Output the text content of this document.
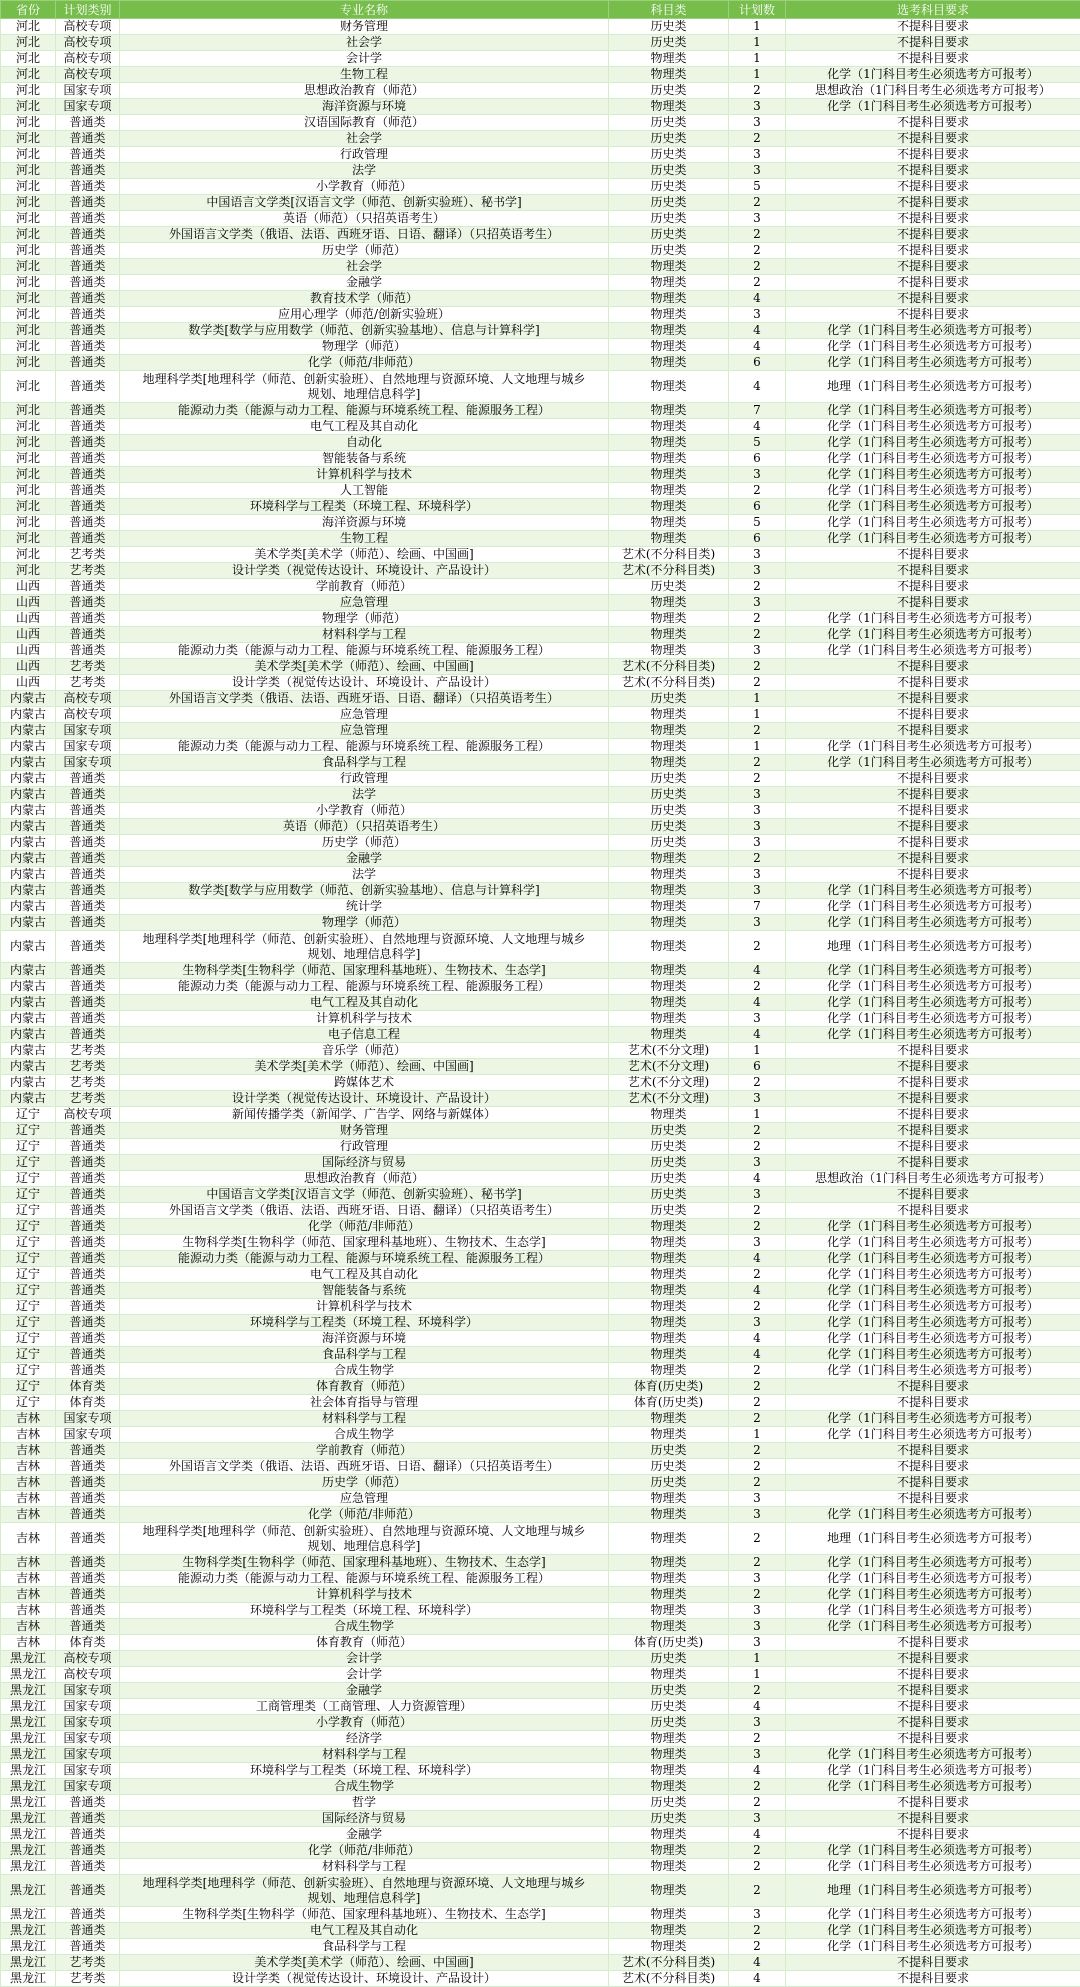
省份	计划类别	专业名称	科目类	计划数	选考科目要求
河北	高校专项	财务管理	历史类	1	不提科目要求
河北	高校专项	社会学	历史类	1	不提科目要求
河北	高校专项	会计学	物理类	1	不提科目要求
河北	高校专项	生物工程	物理类	1	化学（1门科目考生必须选考方可报考）
河北	国家专项	思想政治教育（师范）	历史类	2	思想政治（1门科目考生必须选考方可报考）
河北	国家专项	海洋资源与环境	物理类	3	化学（1门科目考生必须选考方可报考）
河北	普通类	汉语国际教育（师范）	历史类	3	不提科目要求
河北	普通类	社会学	历史类	2	不提科目要求
河北	普通类	行政管理	历史类	3	不提科目要求
河北	普通类	法学	历史类	3	不提科目要求
河北	普通类	小学教育（师范）	历史类	5	不提科目要求
河北	普通类	中国语言文学类[汉语言文学（师范、创新实验班）、秘书学]	历史类	2	不提科目要求
河北	普通类	英语（师范）（只招英语考生）	历史类	3	不提科目要求
河北	普通类	外国语言文学类（俄语、法语、西班牙语、日语、翻译）（只招英语考生）	历史类	2	不提科目要求
河北	普通类	历史学（师范）	历史类	2	不提科目要求
河北	普通类	社会学	物理类	2	不提科目要求
河北	普通类	金融学	物理类	2	不提科目要求
河北	普通类	教育技术学（师范）	物理类	4	不提科目要求
河北	普通类	应用心理学（师范/创新实验班）	物理类	3	不提科目要求
河北	普通类	数学类[数学与应用数学（师范、创新实验基地）、信息与计算科学]	物理类	4	化学（1门科目考生必须选考方可报考）
河北	普通类	物理学（师范）	物理类	4	化学（1门科目考生必须选考方可报考）
河北	普通类	化学（师范/非师范）	物理类	6	化学（1门科目考生必须选考方可报考）
河北	普通类	地理科学类[地理科学（师范、创新实验班）、自然地理与资源环境、人文地理与城乡规划、地理信息科学]	物理类	4	地理（1门科目考生必须选考方可报考）
河北	普通类	能源动力类（能源与动力工程、能源与环境系统工程、能源服务工程）	物理类	7	化学（1门科目考生必须选考方可报考）
河北	普通类	电气工程及其自动化	物理类	4	化学（1门科目考生必须选考方可报考）
河北	普通类	自动化	物理类	5	化学（1门科目考生必须选考方可报考）
河北	普通类	智能装备与系统	物理类	6	化学（1门科目考生必须选考方可报考）
河北	普通类	计算机科学与技术	物理类	3	化学（1门科目考生必须选考方可报考）
河北	普通类	人工智能	物理类	2	化学（1门科目考生必须选考方可报考）
河北	普通类	环境科学与工程类（环境工程、环境科学）	物理类	6	化学（1门科目考生必须选考方可报考）
河北	普通类	海洋资源与环境	物理类	5	化学（1门科目考生必须选考方可报考）
河北	普通类	生物工程	物理类	6	化学（1门科目考生必须选考方可报考）
河北	艺考类	美术学类[美术学（师范）、绘画、中国画]	艺术(不分科目类)	3	不提科目要求
河北	艺考类	设计学类（视觉传达设计、环境设计、产品设计）	艺术(不分科目类)	3	不提科目要求
山西	普通类	学前教育（师范）	历史类	2	不提科目要求
山西	普通类	应急管理	物理类	3	不提科目要求
山西	普通类	物理学（师范）	物理类	2	化学（1门科目考生必须选考方可报考）
山西	普通类	材料科学与工程	物理类	2	化学（1门科目考生必须选考方可报考）
山西	普通类	能源动力类（能源与动力工程、能源与环境系统工程、能源服务工程）	物理类	3	化学（1门科目考生必须选考方可报考）
山西	艺考类	美术学类[美术学（师范）、绘画、中国画]	艺术(不分科目类)	2	不提科目要求
山西	艺考类	设计学类（视觉传达设计、环境设计、产品设计）	艺术(不分科目类)	2	不提科目要求
内蒙古	高校专项	外国语言文学类（俄语、法语、西班牙语、日语、翻译）（只招英语考生）	历史类	1	不提科目要求
内蒙古	高校专项	应急管理	物理类	1	不提科目要求
内蒙古	国家专项	应急管理	物理类	2	不提科目要求
内蒙古	国家专项	能源动力类（能源与动力工程、能源与环境系统工程、能源服务工程）	物理类	1	化学（1门科目考生必须选考方可报考）
内蒙古	国家专项	食品科学与工程	物理类	2	化学（1门科目考生必须选考方可报考）
内蒙古	普通类	行政管理	历史类	2	不提科目要求
内蒙古	普通类	法学	历史类	3	不提科目要求
内蒙古	普通类	小学教育（师范）	历史类	3	不提科目要求
内蒙古	普通类	英语（师范）（只招英语考生）	历史类	3	不提科目要求
内蒙古	普通类	历史学（师范）	历史类	3	不提科目要求
内蒙古	普通类	金融学	物理类	2	不提科目要求
内蒙古	普通类	法学	物理类	3	不提科目要求
内蒙古	普通类	数学类[数学与应用数学（师范、创新实验基地）、信息与计算科学]	物理类	3	化学（1门科目考生必须选考方可报考）
内蒙古	普通类	统计学	物理类	7	化学（1门科目考生必须选考方可报考）
内蒙古	普通类	物理学（师范）	物理类	3	化学（1门科目考生必须选考方可报考）
内蒙古	普通类	地理科学类[地理科学（师范、创新实验班）、自然地理与资源环境、人文地理与城乡规划、地理信息科学]	物理类	2	地理（1门科目考生必须选考方可报考）
内蒙古	普通类	生物科学类[生物科学（师范、国家理科基地班）、生物技术、生态学]	物理类	4	化学（1门科目考生必须选考方可报考）
内蒙古	普通类	能源动力类（能源与动力工程、能源与环境系统工程、能源服务工程）	物理类	2	化学（1门科目考生必须选考方可报考）
内蒙古	普通类	电气工程及其自动化	物理类	4	化学（1门科目考生必须选考方可报考）
内蒙古	普通类	计算机科学与技术	物理类	3	化学（1门科目考生必须选考方可报考）
内蒙古	普通类	电子信息工程	物理类	4	化学（1门科目考生必须选考方可报考）
内蒙古	艺考类	音乐学（师范）	艺术(不分文理)	1	不提科目要求
内蒙古	艺考类	美术学类[美术学（师范）、绘画、中国画]	艺术(不分文理)	6	不提科目要求
内蒙古	艺考类	跨媒体艺术	艺术(不分文理)	2	不提科目要求
内蒙古	艺考类	设计学类（视觉传达设计、环境设计、产品设计）	艺术(不分文理)	3	不提科目要求
辽宁	高校专项	新闻传播学类（新闻学、广告学、网络与新媒体）	物理类	1	不提科目要求
辽宁	普通类	财务管理	历史类	2	不提科目要求
辽宁	普通类	行政管理	历史类	2	不提科目要求
辽宁	普通类	国际经济与贸易	历史类	3	不提科目要求
辽宁	普通类	思想政治教育（师范）	历史类	4	思想政治（1门科目考生必须选考方可报考）
辽宁	普通类	中国语言文学类[汉语言文学（师范、创新实验班）、秘书学]	历史类	3	不提科目要求
辽宁	普通类	外国语言文学类（俄语、法语、西班牙语、日语、翻译）（只招英语考生）	历史类	2	不提科目要求
辽宁	普通类	化学（师范/非师范）	物理类	2	化学（1门科目考生必须选考方可报考）
辽宁	普通类	生物科学类[生物科学（师范、国家理科基地班）、生物技术、生态学]	物理类	3	化学（1门科目考生必须选考方可报考）
辽宁	普通类	能源动力类（能源与动力工程、能源与环境系统工程、能源服务工程）	物理类	4	化学（1门科目考生必须选考方可报考）
辽宁	普通类	电气工程及其自动化	物理类	2	化学（1门科目考生必须选考方可报考）
辽宁	普通类	智能装备与系统	物理类	4	化学（1门科目考生必须选考方可报考）
辽宁	普通类	计算机科学与技术	物理类	2	化学（1门科目考生必须选考方可报考）
辽宁	普通类	环境科学与工程类（环境工程、环境科学）	物理类	3	化学（1门科目考生必须选考方可报考）
辽宁	普通类	海洋资源与环境	物理类	4	化学（1门科目考生必须选考方可报考）
辽宁	普通类	食品科学与工程	物理类	4	化学（1门科目考生必须选考方可报考）
辽宁	普通类	合成生物学	物理类	2	化学（1门科目考生必须选考方可报考）
辽宁	体育类	体育教育（师范）	体育(历史类)	2	不提科目要求
辽宁	体育类	社会体育指导与管理	体育(历史类)	2	不提科目要求
吉林	国家专项	材料科学与工程	物理类	2	化学（1门科目考生必须选考方可报考）
吉林	国家专项	合成生物学	物理类	1	化学（1门科目考生必须选考方可报考）
吉林	普通类	学前教育（师范）	历史类	2	不提科目要求
吉林	普通类	外国语言文学类（俄语、法语、西班牙语、日语、翻译）（只招英语考生）	历史类	2	不提科目要求
吉林	普通类	历史学（师范）	历史类	2	不提科目要求
吉林	普通类	应急管理	物理类	3	不提科目要求
吉林	普通类	化学（师范/非师范）	物理类	3	化学（1门科目考生必须选考方可报考）
吉林	普通类	地理科学类[地理科学（师范、创新实验班）、自然地理与资源环境、人文地理与城乡规划、地理信息科学]	物理类	2	地理（1门科目考生必须选考方可报考）
吉林	普通类	生物科学类[生物科学（师范、国家理科基地班）、生物技术、生态学]	物理类	2	化学（1门科目考生必须选考方可报考）
吉林	普通类	能源动力类（能源与动力工程、能源与环境系统工程、能源服务工程）	物理类	3	化学（1门科目考生必须选考方可报考）
吉林	普通类	计算机科学与技术	物理类	2	化学（1门科目考生必须选考方可报考）
吉林	普通类	环境科学与工程类（环境工程、环境科学）	物理类	3	化学（1门科目考生必须选考方可报考）
吉林	普通类	合成生物学	物理类	3	化学（1门科目考生必须选考方可报考）
吉林	体育类	体育教育（师范）	体育(历史类)	3	不提科目要求
黑龙江	高校专项	会计学	历史类	1	不提科目要求
黑龙江	高校专项	会计学	物理类	1	不提科目要求
黑龙江	国家专项	金融学	历史类	2	不提科目要求
黑龙江	国家专项	工商管理类（工商管理、人力资源管理）	历史类	4	不提科目要求
黑龙江	国家专项	小学教育（师范）	历史类	3	不提科目要求
黑龙江	国家专项	经济学	物理类	2	不提科目要求
黑龙江	国家专项	材料科学与工程	物理类	3	化学（1门科目考生必须选考方可报考）
黑龙江	国家专项	环境科学与工程类（环境工程、环境科学）	物理类	4	化学（1门科目考生必须选考方可报考）
黑龙江	国家专项	合成生物学	物理类	2	化学（1门科目考生必须选考方可报考）
黑龙江	普通类	哲学	历史类	2	不提科目要求
黑龙江	普通类	国际经济与贸易	历史类	3	不提科目要求
黑龙江	普通类	金融学	物理类	4	不提科目要求
黑龙江	普通类	化学（师范/非师范）	物理类	2	化学（1门科目考生必须选考方可报考）
黑龙江	普通类	材料科学与工程	物理类	2	化学（1门科目考生必须选考方可报考）
黑龙江	普通类	地理科学类[地理科学（师范、创新实验班）、自然地理与资源环境、人文地理与城乡规划、地理信息科学]	物理类	2	地理（1门科目考生必须选考方可报考）
黑龙江	普通类	生物科学类[生物科学（师范、国家理科基地班）、生物技术、生态学]	物理类	3	化学（1门科目考生必须选考方可报考）
黑龙江	普通类	电气工程及其自动化	物理类	2	化学（1门科目考生必须选考方可报考）
黑龙江	普通类	食品科学与工程	物理类	2	化学（1门科目考生必须选考方可报考）
黑龙江	艺考类	美术学类[美术学（师范）、绘画、中国画]	艺术(不分科目类)	4	不提科目要求
黑龙江	艺考类	设计学类（视觉传达设计、环境设计、产品设计）	艺术(不分科目类)	4	不提科目要求
